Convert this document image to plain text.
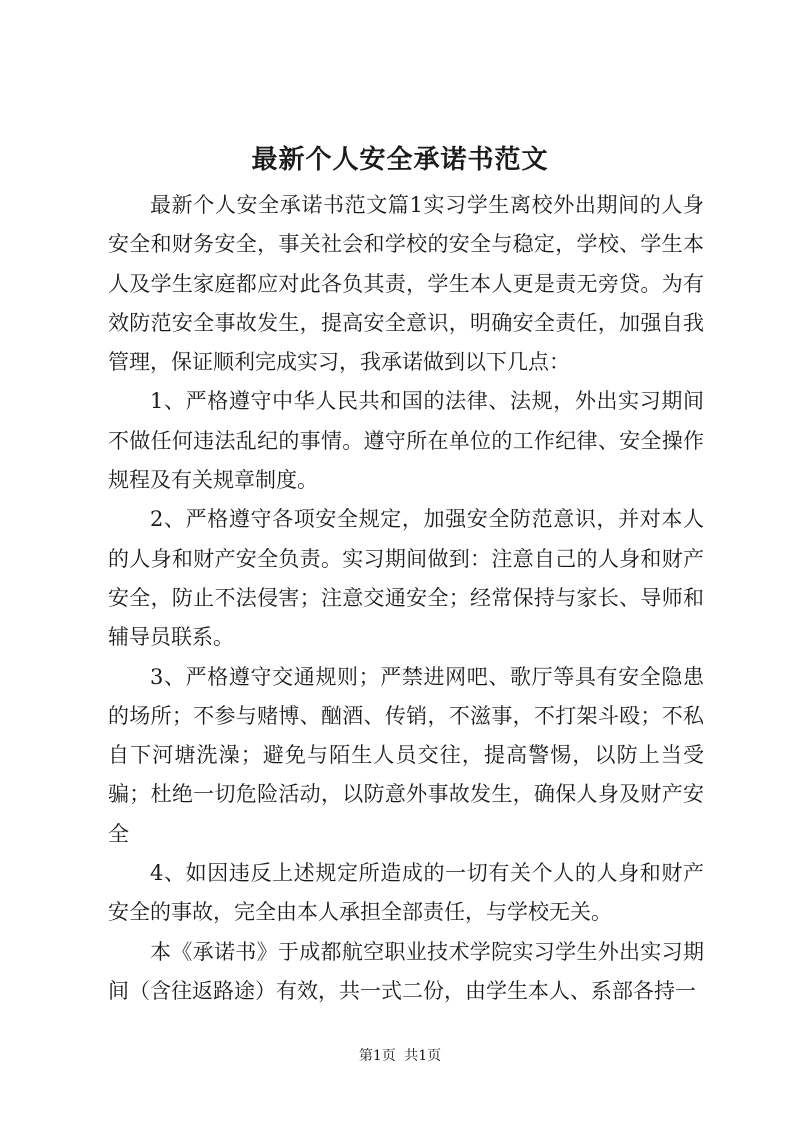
最新个人安全承诺书范文

最新个人安全承诺书范文篇1实习学生离校外出期间的人身安全和财务安全，事关社会和学校的安全与稳定，学校、学生本人及学生家庭都应对此各负其责，学生本人更是责无旁贷。为有效防范安全事故发生，提高安全意识，明确安全责任，加强自我管理，保证顺利完成实习，我承诺做到以下几点：

1、严格遵守中华人民共和国的法律、法规，外出实习期间不做任何违法乱纪的事情。遵守所在单位的工作纪律、安全操作规程及有关规章制度。

2、严格遵守各项安全规定，加强安全防范意识，并对本人的人身和财产安全负责。实习期间做到：注意自己的人身和财产安全，防止不法侵害；注意交通安全；经常保持与家长、导师和辅导员联系。

3、严格遵守交通规则；严禁进网吧、歌厅等具有安全隐患的场所；不参与赌博、酗酒、传销，不滋事，不打架斗殴；不私自下河塘洗澡；避免与陌生人员交往，提高警惕，以防上当受骗；杜绝一切危险活动，以防意外事故发生，确保人身及财产安全

4、如因违反上述规定所造成的一切有关个人的人身和财产安全的事故，完全由本人承担全部责任，与学校无关。

本《承诺书》于成都航空职业技术学院实习学生外出实习期间（含往返路途）有效，共一式二份，由学生本人、系部各持一

第1页 共1页
